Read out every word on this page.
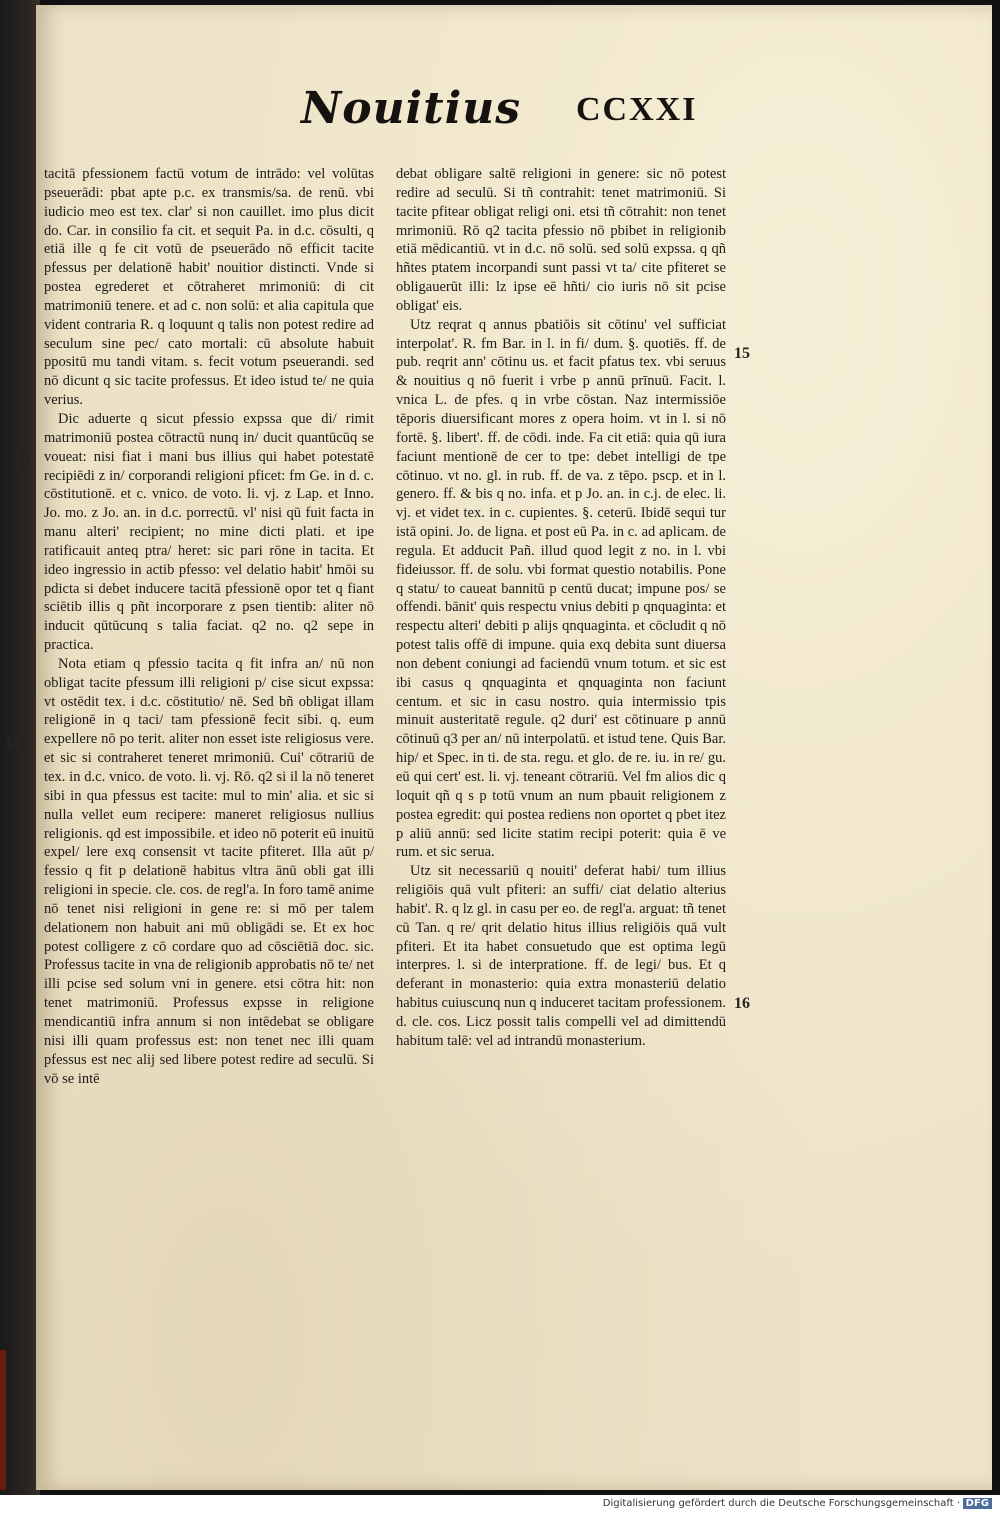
Nouitius CCXXI

tacitā pfessionem factū votum de intrādo: vel volūtas pseuerādi: pbat apte p.c. ex transmis/sa. de renū. vbi iudicio meo est tex. clar' si non cauillet. imo plus dicit do. Car. in consilio fa cit. et sequit Pa. in d.c. cōsulti, q etiā ille q fe cit votū de pseuerādo nō efficit tacite pfessus per delationē habit' nouitior distincti. Vnde si postea egrederet et cōtraheret mrimoniū: di cit matrimoniū tenere. et ad c. non solū: et alia capitula que vident contraria R. q loquunt q talis non potest redire ad seculum sine pec/ cato mortali: cū absolute habuit ppositū mu tandi vitam. s. fecit votum pseuerandi. sed nō dicunt q sic tacite professus. Et ideo istud te/ ne quia verius.

Dic aduerte q sicut pfessio expssa que di/ rimit matrimoniū postea cōtractū nunq in/ ducit quantūcūq se voueat: nisi fiat i mani bus illius qui habet potestatē recipiēdi z in/ corporandi religioni pficet: fm Ge. in d. c. cōstitutionē. et c. vnico. de voto. li. vj. z Lap. et Inno. Jo. mo. z Jo. an. in d.c. porrectū. vl' nisi qū fuit facta in manu alteri' recipient; no mine dicti plati. et ipe ratificauit anteq ptra/ heret: sic pari rōne in tacita. Et ideo ingressio in actib pfesso: vel delatio habit' hmōi su pdicta si debet inducere tacitā pfessionē opor tet q fiant sciētib illis q pñt incorporare z psen tientib: aliter nō inducit qūtūcunq s talia faciat. q2 no. q2 sepe in practica.

Nota etiam q pfessio tacita q fit infra an/ nū non obligat tacite pfessum illi religioni p/ cise sicut expssa: vt ostēdit tex. i d.c. cōstitutio/ nē. Sed bñ obligat illam religionē in q taci/ tam pfessionē fecit sibi. q. eum expellere nō po terit. aliter non esset iste religiosus vere. et sic si contraheret teneret mrimoniū. Cui' cōtrariū de tex. in d.c. vnico. de voto. li. vj. Rō. q2 si il la nō teneret sibi in qua pfessus est tacite: mul to min' alia. et sic si nulla vellet eum recipere: maneret religiosus nullius religionis. qd est impossibile. et ideo nō poterit eū inuitū expel/ lere exq consensit vt tacite pfiteret. Illa aūt p/ fessio q fit p delationē habitus vltra ānū obli gat illi religioni in specie. cle. cos. de regl'a. In foro tamē anime nō tenet nisi religioni in gene re: si mō per talem delationem non habuit ani mū obligādi se. Et ex hoc potest colligere z cō cordare quo ad cōsciētiā doc. sic. Professus tacite in vna de religionib approbatis nō te/ net illi pcise sed solum vni in genere. etsi cōtra hit: non tenet matrimoniū. Professus expsse in religione mendicantiū infra annum si non intēdebat se obligare nisi illi quam professus est: non tenet nec illi quam pfessus est nec alij sed libere potest redire ad seculū. Si vō se intē

debat obligare saltē religioni in genere: sic nō potest redire ad seculū. Si tñ contrahit: tenet matrimoniū. Si tacite pfitear obligat religi oni. etsi tñ cōtrahit: non tenet mrimoniū. Rō q2 tacita pfessio nō pbibet in religionib etiā mēdicantiū. vt in d.c. nō solū. sed solū expssa. q qñ hñtes ptatem incorpandi sunt passi vt ta/ cite pfiteret se obligauerūt illi: lz ipse eē hñti/ cio iuris nō sit pcise obligat' eis.

Utz reqrat q annus pbatiōis sit cōtinu' vel sufficiat interpolat'. R. fm Bar. in l. in fi/ dum. §. quotiēs. ff. de pub. reqrit ann' cōtinu us. et facit pfatus tex. vbi seruus & nouitius q nō fuerit i vrbe p annū prīnuū. Facit. l. vnica L. de pfes. q in vrbe cōstan. Naz intermissiōe tēporis diuersificant mores z opera hoim. vt in l. si nō fortē. §. libert'. ff. de cōdi. inde. Fa cit etiā: quia qū iura faciunt mentionē de cer to tpe: debet intelligi de tpe cōtinuo. vt no. gl. in rub. ff. de va. z tēpo. pscp. et in l. genero. ff. & bis q no. infa. et p Jo. an. in c.j. de elec. li. vj. et videt tex. in c. cupientes. §. ceterū. Ibidē sequi tur istā opini. Jo. de ligna. et post eū Pa. in c. ad aplicam. de regula. Et adducit Pañ. illud quod legit z no. in l. vbi fideiussor. ff. de solu. vbi format questio notabilis. Pone q statu/ to caueat bannitū p centū ducat; impune pos/ se offendi. bānit' quis respectu vnius debiti p qnquaginta: et respectu alteri' debiti p alijs qnquaginta. et cōcludit q nō potest talis offē di impune. quia exq debita sunt diuersa non debent coniungi ad faciendū vnum totum. et sic est ibi casus q qnquaginta et qnquaginta non faciunt centum. et sic in casu nostro. quia intermissio tpis minuit austeritatē regule. q2 duri' est cōtinuare p annū cōtinuū q3 per an/ nū interpolatū. et istud tene. Quis Bar. hip/ et Spec. in ti. de sta. regu. et glo. de re. iu. in re/ gu. eū qui cert' est. li. vj. teneant cōtrariū. Vel fm alios dic q loquit qñ q s p totū vnum an num pbauit religionem z postea egredit: qui postea rediens non oportet q pbet itez p aliū annū: sed licite statim recipi poterit: quia ē ve rum. et sic serua.

Utz sit necessariū q nouiti' deferat habi/ tum illius religiōis quā vult pfiteri: an suffi/ ciat delatio alterius habit'. R. q lz gl. in casu per eo. de regl'a. arguat: tñ tenet cū Tan. q re/ qrit delatio hitus illius religiōis quā vult pfiteri. Et ita habet consuetudo que est optima legū interpres. l. si de interpratione. ff. de legi/ bus. Et q deferant in monasterio: quia extra monasteriū delatio habitus cuiuscunq nun q induceret tacitam professionem. d. cle. cos. Licz possit talis compelli vel ad dimittendū habitum talē: vel ad intrandū monasterium.

13
14
15
16
Digitalisierung gefördert durch die Deutsche Forschungsgemeinschaft · DFG
